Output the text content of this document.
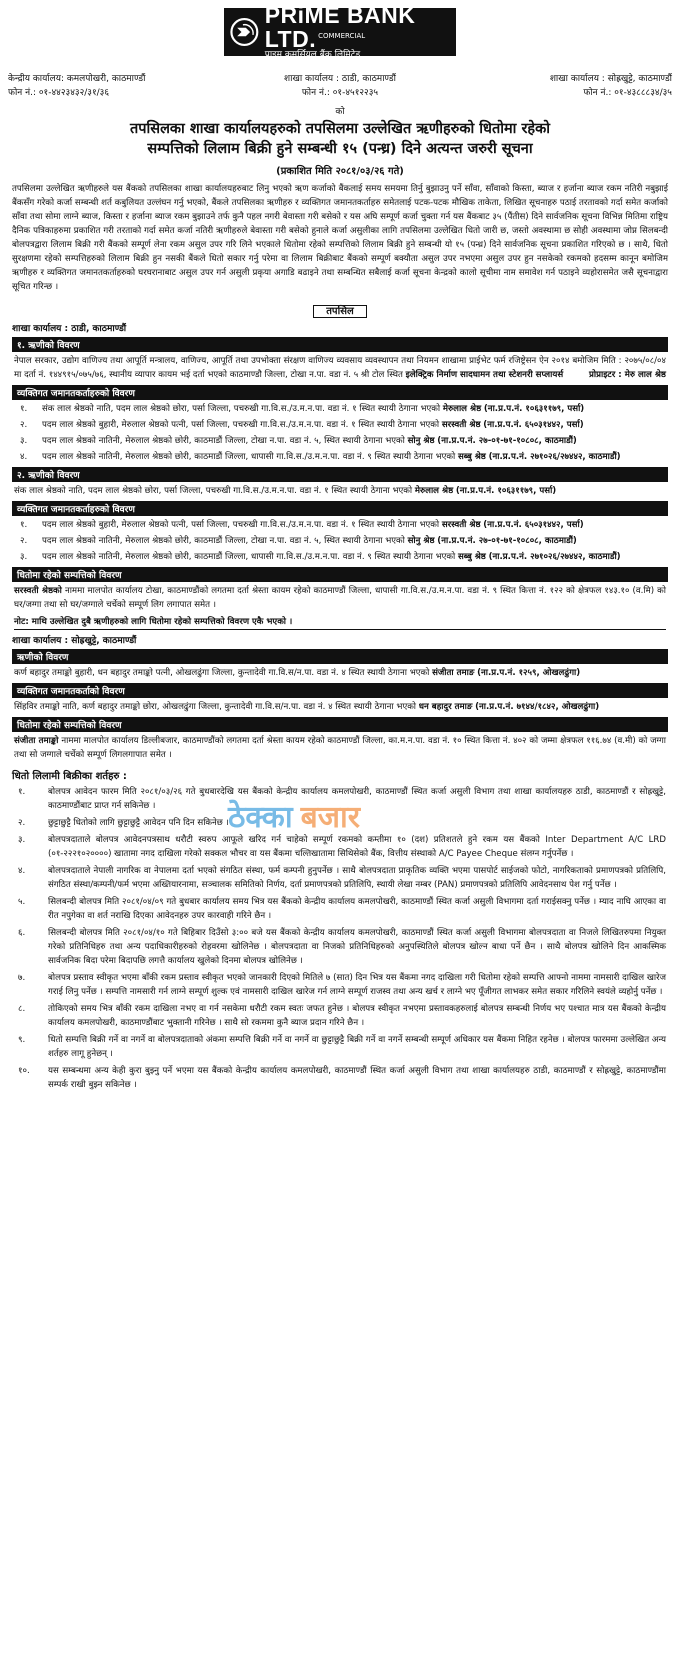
PRiME BANK LTD. $^{COMMERCIAL}$
प्राइम कमर्सियल बैंक लिमिटेड
केन्द्रीय कार्यालय: कमलपोखरी, काठमाण्डौं
फोन नं.: ०१-४४२३४३२/३१/३६
शाखा कार्यालय : ठाडी, काठमाण्डौं
फोन नं.: ०१-४५१२२३५
शाखा कार्यालय : सोह्रखुट्टे, काठमाण्डौं
फोन नं.: ०१-४३८८८३४/३५
को
तपसिलका शाखा कार्यालयहरुको तपसिलमा उल्लेखित ऋणीहरुको धितोमा रहेको
सम्पत्तिको लिलाम बिक्री हुने सम्बन्धी १५ (पन्ध्र) दिने अत्यन्त जरुरी सूचना
(प्रकाशित मिति २०८१/०३/२६ गते)
तपसिलमा उल्लेखित ऋणीहरुले यस बैंकको तपसिलका शाखा कार्यालयहरुबाट लिनु भएको ऋण कर्जाको बैंकलाई समय समयमा तिर्नु बुझाउनु पर्ने साँवा, साँवाको किस्ता, ब्याज र हर्जाना ब्याज रकम नतिरी नबुझाई बैंकसँग गरेको कर्जा सम्बन्धी शर्त कबुलियत उल्लंघन गर्नु भएको, बैंकले तपसिलका ऋणीहरु र व्यक्तिगत जमानतकर्ताहरु समेतलाई पटक-पटक मौखिक ताकेता, लिखित सूचनाहरु पठाई तरतावको गर्दा समेत कर्जाको साँवा तथा सोमा लाग्ने ब्याज, किस्ता र हर्जाना ब्याज रकम बुझाउने तर्फ कुनै पहल नगरी बेवास्ता गरी बसेको र यस अघि सम्पूर्ण कर्जा चुक्ता गर्न यस बैंकबाट ३५ (पैंतीस) दिने सार्वजनिक सूचना विभिन्न मितिमा राष्ट्रिय दैनिक पत्रिकाहरुमा प्रकाशित गरी तरताको गर्दा समेत कर्जा नतिरी ऋणीहरुले बेवास्ता गरी बसेको हुनाले कर्जा असुलीका लागि तपसिलमा उल्लेखित धितो जारी छ, जस्तो अवस्थामा छ सोही अवस्थामा जोप्न सिलबन्दी बोलपत्रद्वारा लिलाम बिक्री गरी बैंकको सम्पूर्ण लेना रकम असुल उपर गरि लिने भएकाले धितोमा रहेको सम्पत्तिको लिलाम बिक्री हुने सम्बन्धी यो १५ (पन्ध्र) दिने सार्वजनिक सूचना प्रकाशित गरिएको छ । साथै, धितो सुरक्षणमा रहेको सम्पत्तिहरुको लिलाम बिक्री हुन नसकी बैंकले धितो सकार गर्नु परेमा वा लिलाम बिक्रीबाट बैंकको सम्पूर्ण बक्यौता असुल उपर नभएमा असुल उपर हुन नसकेको रकमको हदसम्म कानून बमोजिम ऋणीहरु र व्यक्तिगत जमानतकर्ताहरुको घरघरानाबाट असुल उपर गर्न असुली प्रकृया अगाडि बढाइने तथा सम्बन्धित सबैलाई कर्जा सूचना केन्द्रको कालो सूचीमा नाम समावेश गर्न पठाइने व्यहोरासमेत जसै सूचनाद्वारा सूचित गरिन्छ ।
तपसिल
शाखा कार्यालय : ठाडी, काठमाण्डौं
१. ऋणीको विवरण
नेपाल सरकार, उद्योग वाणिज्य तथा आपूर्ति मन्त्रालय, वाणिज्य, आपूर्ति तथा उपभोक्ता संरक्षण वाणिज्य व्यवसाय व्यवस्थापन तथा नियमन शाखामा प्राईभेट फर्म रजिष्ट्रेसन ऐन २०१४ बमोजिम मिति : २०७५/०८/०४ मा दर्ता नं. १४४९१५/०७५/७६, स्थानीय व्यापार कायम भई दर्ता भएको काठमाण्डौ जिल्ला, टोखा न.पा. वडा नं. ५ श्री टोल स्थित इलेक्ट्रिक निर्माण सादधामन तथा स्टेशनरी सप्लायर्स	प्रोप्राइटर : मेरु लाल श्रेष्ठ
व्यक्तिगत जमानतकर्ताहरुको विवरण
१.	संक लाल श्रेष्ठको नाति, पदम लाल श्रेष्ठको छोरा, पर्सा जिल्ला, पचरुखी गा.वि.स./उ.म.न.पा. वडा नं. १ स्थित स्थायी ठेगाना भएको मेरुलाल श्रेष्ठ (ना.प्र.प.नं. १०६३११७९, पर्सा)
२.	पदम लाल श्रेष्ठको बुहारी, मेरुलाल श्रेष्ठको पत्नी, पर्सा जिल्ला, पचरुखी गा.वि.स./उ.म.न.पा. वडा नं. १ स्थित स्थायी ठेगाना भएको सरस्वती श्रेष्ठ (ना.प्र.प.नं. ६५०३१४४२, पर्सा)
३.	पदम लाल श्रेष्ठको नातिनी, मेरुलाल श्रेष्ठको छोरी, काठमाडौं जिल्ला, टोखा न.पा. वडा नं. ५, स्थित स्थायी ठेगाना भएको सोनु श्रेष्ठ (ना.प्र.प.नं. २७-०१-७१-१०८०८, काठमाडौं)
४.	पदम लाल श्रेष्ठको नातिनी, मेरुलाल श्रेष्ठको छोरी, काठमाडौं जिल्ला, धापासी गा.वि.स./उ.म.न.पा. वडा नं. ९ स्थित स्थायी ठेगाना भएको सब्बु श्रेष्ठ (ना.प्र.प.नं. २७१०२६/२७४४२, काठमाडौं)
२. ऋणीको विवरण
संक लाल श्रेष्ठको नाति, पदम लाल श्रेष्ठको छोरा, पर्सा जिल्ला, पचरुखी गा.वि.स./उ.म.न.पा. वडा नं. १ स्थित स्थायी ठेगाना भएको मेरुलाल श्रेष्ठ (ना.प्र.प.नं. १०६३११७९, पर्सा)
व्यक्तिगत जमानतकर्ताहरुको विवरण
१.	पदम लाल श्रेष्ठको बुहारी, मेरुलाल श्रेष्ठको पत्नी, पर्सा जिल्ला, पचरुखी गा.वि.स./उ.म.न.पा. वडा नं. १ स्थित स्थायी ठेगाना भएको सरस्वती श्रेष्ठ (ना.प्र.प.नं. ६५०३१४४२, पर्सा)
२.	पदम लाल श्रेष्ठको नातिनी, मेरुलाल श्रेष्ठको छोरी, काठमाडौं जिल्ला, टोखा न.पा. वडा नं. ५, स्थित स्थायी ठेगाना भएको सोनु श्रेष्ठ (ना.प्र.प.नं. २७-०१-७१-१०८०८, काठमाडौं)
३.	पदम लाल श्रेष्ठको नातिनी, मेरुलाल श्रेष्ठको छोरी, काठमाडौं जिल्ला, धापासी गा.वि.स./उ.म.न.पा. वडा नं. ९ स्थित स्थायी ठेगाना भएको सब्बु श्रेष्ठ (ना.प्र.प.नं. २७१०२६/२७४४२, काठमाडौं)
धितोमा रहेको सम्पत्तिको विवरण
सरस्वती श्रेष्ठको नाममा मालपोत कार्यालय टोखा, काठमाण्डौंको लगतमा दर्ता श्रेस्ता कायम रहेको काठमाण्डौं जिल्ला, धापासी गा.वि.स./उ.म.न.पा. वडा नं. ९ स्थित कित्ता नं. १२२ को क्षेत्रफल १४३.१० (व.मि) को घर/जग्गा तथा सो घर/जग्गाले चर्चेको सम्पूर्ण लिग लगापात समेत ।
नोट: माथि उल्लेखित दुबै ऋणीहरुको लागि धितोमा रहेको सम्पत्तिको विवरण एकै भएको ।
शाखा कार्यालय : सोह्रखुट्टे, काठमाण्डौं
ऋणीको विवरण
कर्ण बहादुर तमाङ्को बुहारी, धन बहादुर तमाङ्को पत्नी, ओखलढुंगा जिल्ला, कुन्तादेवी गा.वि.स/न.पा. वडा नं. ४ स्थित स्थायी ठेगाना भएको संजीता तमाङ (ना.प्र.प.नं. १२५९, ओखलढुंगा)
व्यक्तिगत जमानतकर्ताको विवरण
सिंहविर तमाङ्को नाति, कर्ण बहादुर तमाङ्को छोरा, ओखलढुंगा जिल्ला, कुन्तादेवी गा.वि.स/न.पा. वडा नं. ४ स्थित स्थायी ठेगाना भएको धन बहादुर तमाङ (ना.प्र.प.नं. ७१४४/१८४२, ओखलढुंगा)
धितोमा रहेको सम्पत्तिको विवरण
संजीता तमाङ्को नाममा मालपोत कार्यालय डिल्लीबजार, काठमाण्डौंको लगतमा दर्ता श्रेस्ता कायम रहेको काठमाण्डौं जिल्ला, का.म.न.पा. वडा नं. १० स्थित कित्ता नं. ४०२ को जम्मा क्षेत्रफल ११६.७४ (व.मी) को जग्गा तथा सो जग्गाले चर्चेको सम्पूर्ण लिगलगापात समेत ।
धितो लिलामी बिक्रीका शर्तहरु :
१.	बोलपत्र आवेदन फारम मिति २०८१/०३/२६ गते बुधबारदेखि यस बैंकको केन्द्रीय कार्यालय कमलपोखरी, काठमाण्डौं स्थित कर्जा असुली विभाग तथा शाखा कार्यालयहरु ठाडी, काठमाण्डौं र सोह्रखुट्टे, काठमाण्डौंबाट प्राप्त गर्न सकिनेछ ।
२.	छुट्टाछुट्टै धितोको लागि छुट्टाछुट्टै आवेदन पनि दिन सकिनेछ ।
३.	बोलपत्रदाताले बोलपत्र आवेदनपत्रसाथ धरौटी स्वरुप आफूले खरिद गर्न चाहेको सम्पूर्ण रकमको कम्तीमा १० (दश) प्रतिशतले हुने रकम यस बैंकको Inter Department A/C LRD (०१-२२२१०२००००) खातामा नगद दाखिला गरेको सक्कल भौचर वा यस बैंकमा चल्तिखातामा सिथिसेको बैंक, वित्तीय संस्थाको A/C Payee Cheque संलग्न गर्नुपर्नेछ ।
४.	बोलपत्रदाताले नेपाली नागरिक वा नेपालमा दर्ता भएको संगठित संस्था, फर्म कम्पनी हुनुपर्नेछ । साथै बोलपत्रदाता प्राकृतिक व्यक्ति भएमा पासपोर्ट साईजको फोटो, नागरिकताको प्रमाणपत्रको प्रतिलिपि, संगठित संस्था/कम्पनी/फर्म भएमा अख्तियारनामा, सञ्चालक समितिको निर्णय, दर्ता प्रमाणपत्रको प्रतिलिपि, स्थायी लेखा नम्बर (PAN) प्रमाणपत्रको प्रतिलिपि आवेदनसाथ पेश गर्नु पर्नेछ ।
५.	सिलबन्दी बोलपत्र मिति २०८१/०४/०९ गते बुधबार कार्यालय समय भित्र यस बैंकको केन्द्रीय कार्यालय कमलपोखरी, काठमाण्डौं स्थित कर्जा असुली विभागमा दर्ता गराईसक्नु पर्नेछ । म्याद नाघि आएका वा रीत नपुगेका वा शर्त नराखि दिएका आवेदनहरु उपर कारवाही गरिने छैन ।
६.	सिलबन्दी बोलपत्र मिति २०८१/०४/१० गते बिहिबार दिउँसो ३:०० बजे यस बैंकको केन्द्रीय कार्यालय कमलपोखरी, काठमाण्डौं स्थित कर्जा असुली विभागमा बोलपत्रदाता वा निजले लिखितरुपमा नियुक्त गरेको प्रतिनिधिहरु तथा अन्य पदाधिकारीहरुको रोहवरमा खोलिनेछ । बोलपत्रदाता वा निजको प्रतिनिधिहरुको अनुपस्थितिले बोलपत्र खोल्न बाधा पर्ने छैन । साथै बोलपत्र खोलिने दिन आकस्मिक सार्वजनिक बिदा परेमा बिदापछि लगत्तै कार्यालय खुलेको दिनमा बोलपत्र खोलिनेछ ।
७.	बोलपत्र प्रस्ताव स्वीकृत भएमा बाँकी रकम प्रस्ताव स्वीकृत भएको जानकारी दिएको मितिले ७ (सात) दिन भित्र यस बैंकमा नगद दाखिला गरी धितोमा रहेको सम्पत्ति आफ्नो नाममा नामसारी दाखिल खारेज गराई लिनु पर्नेछ । सम्पत्ति नामसारी गर्न लाग्ने सम्पूर्ण शुल्क एवं नामसारी दाखिल खारेज गर्न लाग्ने सम्पूर्ण राजस्व तथा अन्य खर्च र लाग्ने भए पूँजीगत लाभकर समेत सकार गरिलिने स्वयंले व्यहोर्नु पर्नेछ ।
८.	तोकिएको समय भित्र बाँकी रकम दाखिला नभए वा गर्न नसकेमा धरौटी रकम स्वतः जफत हुनेछ । बोलपत्र स्वीकृत नभएमा प्रस्तावकहरुलाई बोलपत्र सम्बन्धी निर्णय भए पश्चात मात्र यस बैंकको केन्द्रीय कार्यालय कमलपोखरी, काठमाण्डौंबाट भुक्तानी गरिनेछ । साथै सो रकममा कुनै ब्याज प्रदान गरिने छैन ।
९.	धितो सम्पत्ति बिक्री गर्ने वा नगर्ने वा बोलपत्रदाताको अंकमा सम्पत्ति बिक्री गर्ने वा नगर्ने वा छुट्टाछुट्टै बिक्री गर्ने वा नगर्ने सम्बन्धी सम्पूर्ण अधिकार यस बैंकमा निहित रहनेछ । बोलपत्र फारममा उल्लेखित अन्य शर्तहरु लागू हुनेछन् ।
१०.	यस सम्बन्धमा अन्य केही कुरा बुझ्नु पर्ने भएमा यस बैंकको केन्द्रीय कार्यालय कमलपोखरी, काठमाण्डौं स्थित कर्जा असुली विभाग तथा शाखा कार्यालयहरु ठाडी, काठमाण्डौं र सोह्रखुट्टे, काठमाण्डौंमा सम्पर्क राखी बुझ्न सकिनेछ ।
ठेक्का बजार
